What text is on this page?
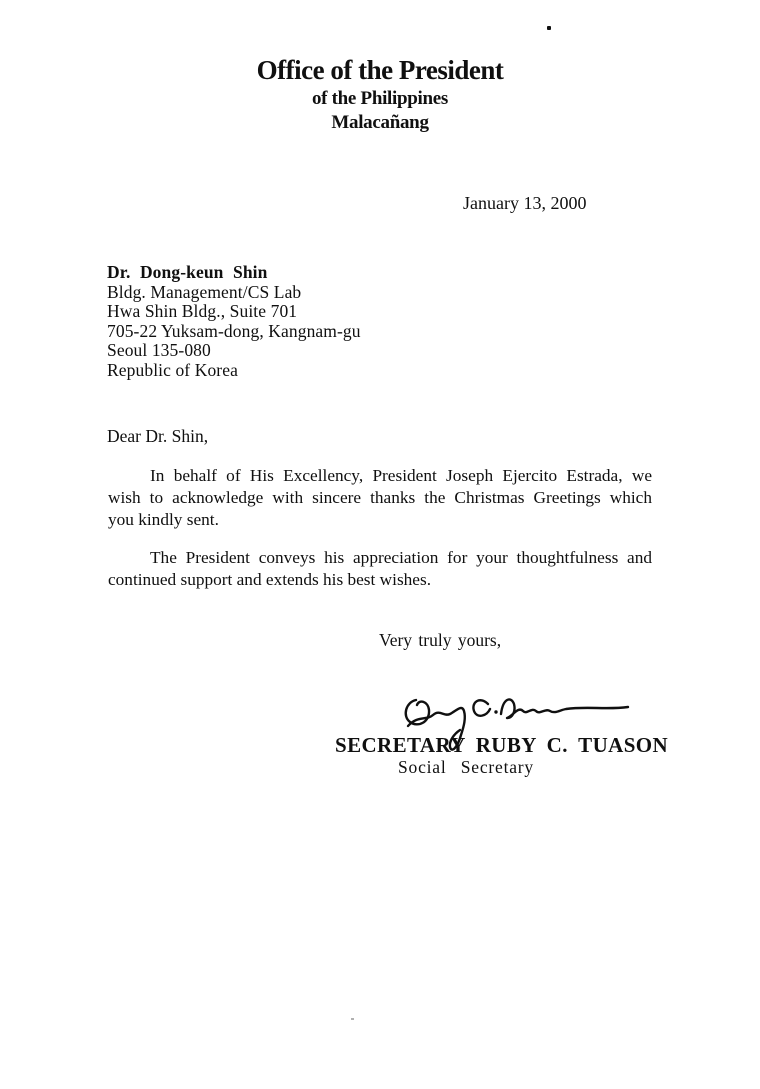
Office of the President
of the Philippines
Malacañang
January 13, 2000
Dr. Dong-keun Shin
Bldg. Management/CS Lab
Hwa Shin Bldg., Suite 701
705-22 Yuksam-dong, Kangnam-gu
Seoul 135-080
Republic of Korea
Dear Dr. Shin,

In behalf of His Excellency, President Joseph Ejercito Estrada, we
wish to acknowledge with sincere thanks the Christmas Greetings which
you kindly sent.

The President conveys his appreciation for your thoughtfulness and
continued support and extends his best wishes.

Very truly yours,
SECRETARY RUBY C. TUASON
Social Secretary
